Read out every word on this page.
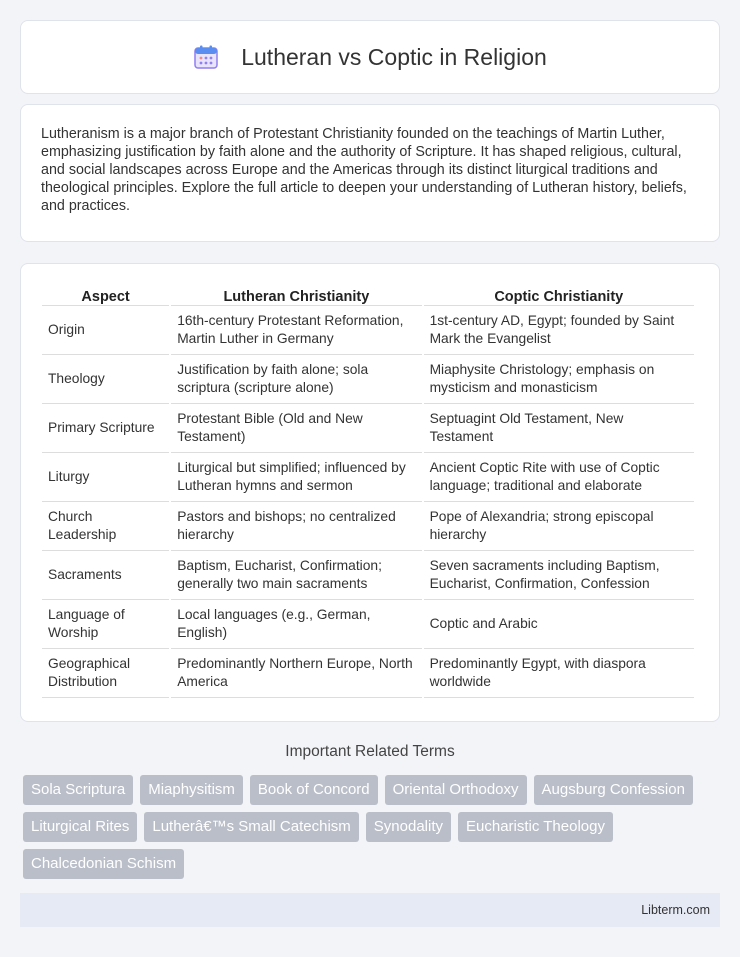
Lutheran vs Coptic in Religion

Lutheranism is a major branch of Protestant Christianity founded on the teachings of Martin Luther, emphasizing justification by faith alone and the authority of Scripture. It has shaped religious, cultural, and social landscapes across Europe and the Americas through its distinct liturgical traditions and theological principles. Explore the full article to deepen your understanding of Lutheran history, beliefs, and practices.

Aspect	Lutheran Christianity	Coptic Christianity
Origin	16th-century Protestant Reformation, Martin Luther in Germany	1st-century AD, Egypt; founded by Saint Mark the Evangelist
Theology	Justification by faith alone; sola scriptura (scripture alone)	Miaphysite Christology; emphasis on mysticism and monasticism
Primary Scripture	Protestant Bible (Old and New Testament)	Septuagint Old Testament, New Testament
Liturgy	Liturgical but simplified; influenced by Lutheran hymns and sermon	Ancient Coptic Rite with use of Coptic language; traditional and elaborate
Church Leadership	Pastors and bishops; no centralized hierarchy	Pope of Alexandria; strong episcopal hierarchy
Sacraments	Baptism, Eucharist, Confirmation; generally two main sacraments	Seven sacraments including Baptism, Eucharist, Confirmation, Confession
Language of Worship	Local languages (e.g., German, English)	Coptic and Arabic
Geographical Distribution	Predominantly Northern Europe, North America	Predominantly Egypt, with diaspora worldwide
Important Related Terms
Sola Scriptura	Miaphysitism	Book of Concord	Oriental Orthodoxy	Augsburg Confession
Liturgical Rites	Lutherâ€™s Small Catechism	Synodality	Eucharistic Theology
Chalcedonian Schism
Libterm.com
